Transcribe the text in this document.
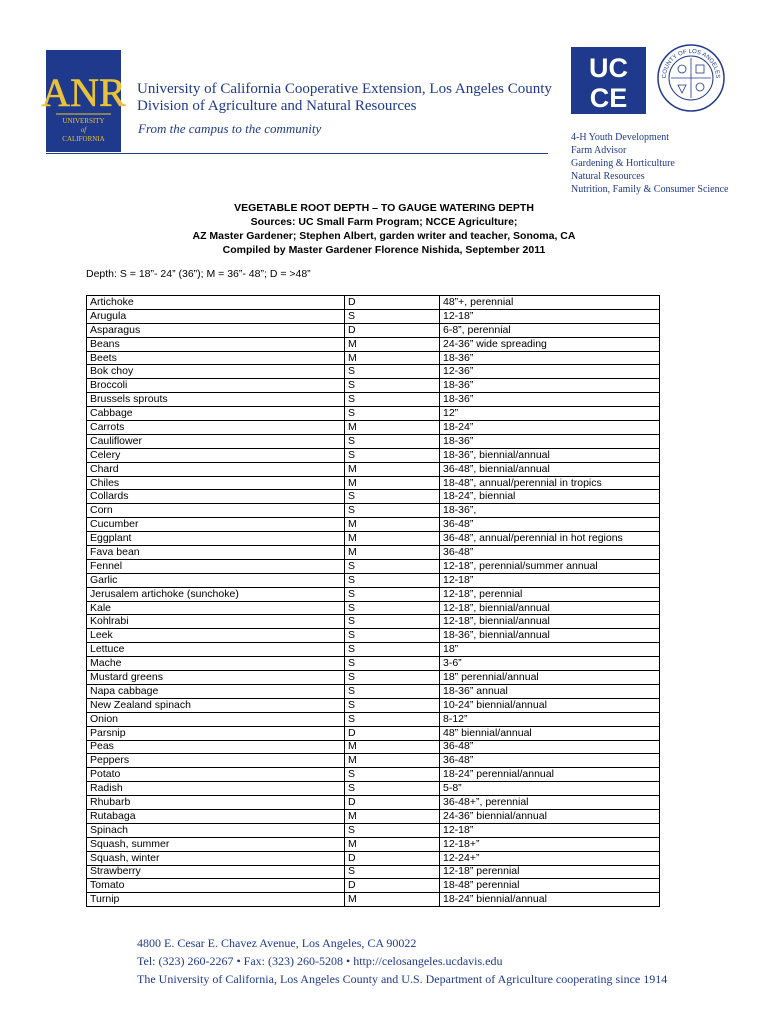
ANR
UNIVERSITY
of
CALIFORNIA
University of California Cooperative Extension, Los Angeles County
Division of Agriculture and Natural Resources
From the campus to the community
UC
CE
COUNTY OF LOS ANGELES
4-H Youth Development
Farm Advisor
Gardening & Horticulture
Natural Resources
Nutrition, Family & Consumer Science
VEGETABLE ROOT DEPTH – TO GAUGE WATERING DEPTH
Sources: UC Small Farm Program; NCCE Agriculture;
AZ Master Gardener; Stephen Albert, garden writer and teacher, Sonoma, CA
Compiled by Master Gardener Florence Nishida, September 2011
Depth: S = 18”- 24” (36”); M = 36”- 48”; D = >48”
Artichoke	D	48”+, perennial
Arugula	S	12-18”
Asparagus	D	6-8”, perennial
Beans	M	24-36” wide spreading
Beets	M	18-36”
Bok choy	S	12-36”
Broccoli	S	18-36”
Brussels sprouts	S	18-36”
Cabbage	S	12”
Carrots	M	18-24”
Cauliflower	S	18-36”
Celery	S	18-36”, biennial/annual
Chard	M	36-48”, biennial/annual
Chiles	M	18-48”, annual/perennial in tropics
Collards	S	18-24”, biennial
Corn	S	18-36”,
Cucumber	M	36-48”
Eggplant	M	36-48”, annual/perennial in hot regions
Fava bean	M	36-48”
Fennel	S	12-18”, perennial/summer annual
Garlic	S	12-18”
Jerusalem artichoke (sunchoke)	S	12-18”, perennial
Kale	S	12-18”, biennial/annual
Kohlrabi	S	12-18”, biennial/annual
Leek	S	18-36”, biennial/annual
Lettuce	S	18”
Mache	S	3-6”
Mustard greens	S	18” perennial/annual
Napa cabbage	S	18-36” annual
New Zealand spinach	S	10-24” biennial/annual
Onion	S	8-12”
Parsnip	D	48” biennial/annual
Peas	M	36-48”
Peppers	M	36-48”
Potato	S	18-24” perennial/annual
Radish	S	5-8”
Rhubarb	D	36-48+”, perennial
Rutabaga	M	24-36” biennial/annual
Spinach	S	12-18”
Squash, summer	M	12-18+”
Squash, winter	D	12-24+”
Strawberry	S	12-18” perennial
Tomato	D	18-48” perennial
Turnip	M	18-24” biennial/annual
4800 E. Cesar E. Chavez Avenue, Los Angeles, CA 90022
Tel: (323) 260-2267 • Fax: (323) 260-5208 • http://celosangeles.ucdavis.edu
The University of California, Los Angeles County and U.S. Department of Agriculture cooperating since 1914
